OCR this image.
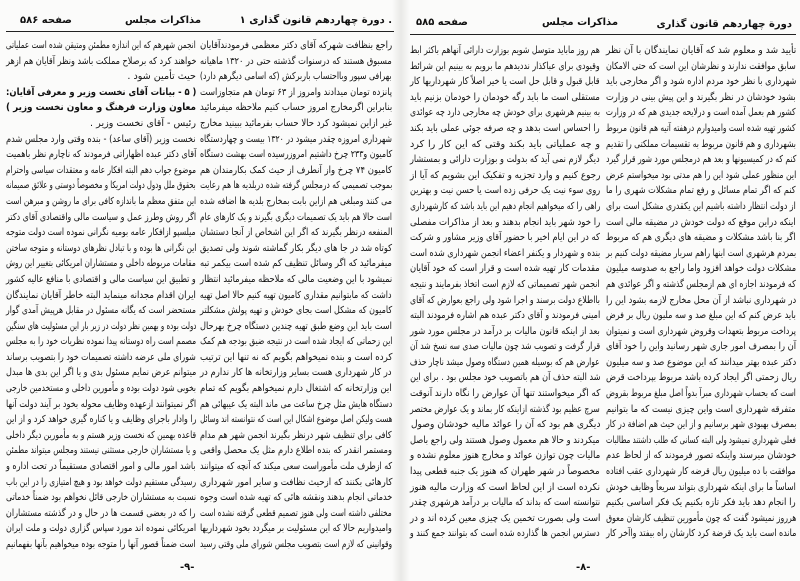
صفحه ۵۸۶	مذاکرات مجلس	. دورة چهاردهم قانون گذاری ١
راجع بنظافت شهرکه آقای دکتر معظمی فرمودندآقایان
مسبوق هستند که درسنوات گذشته حتی در ۱۳۲۰ ماهیانه
بهرافی سپور وبااحتساب باربرکش (که اسامی دیگرهم دارد)
پانزده تومان میدادند وامروز از ۶۳ تومان هم متجاوزاست
بنابراین اگرمخارج امروز حساب کنیم ملاحظه میفرمائید
غیر ازاین نمیشود کرد حالا حساب بفرمائید ببینید مخارج
شهرداری امروزه چقدر میشود در ۱۳۲۰ بیست و چهاردستگاه
کامیون و۲۳۳ چرخ داشتیم امروزرسیده است بهشت دستگاه
کامیون ۷۴ چرخ واز آنطرف از حیث کمک بکارمندان هم
بموجب تصمیمی که درمجلس گرفته شده دربلدیه ها هم رعایت
می کنند ومبلغی هم ازاین بابت بمخارج بلدیه ها اضافه شده
است حالا هم باید یک تصمیمات دیگری بگیرند و یک کارهای عام
المنفعه درنظر بگیرند که اگر این اشخاص از آنجا دستشان
کوتاه شد در جا های دیگر بکار گماشته شوند ولی تصدیق
میفرمائید که اگر وسائل تنظیف کم شده است بیکمر تبه
نمیشود با این وضعیت مالی که ملاحظه میفرمائید انتظار
داشت که مابتوانیم مقداری کامیون تهیه کنیم حالا اصل تهیه
کامیون که مشکل است بجای خودش و تهیه پولش مشکلتر
است باید این وضع طبق تهیه چندین دستگاه چرخ بهرحال
این زحماتی که ایجاد شده است در نتیجه ضیق بودجه هم کمک
کرده است و بنده نمیخواهم بگویم که نه تنها این ترتیب
در کار شهرداری هست بسایر وزارتخانه ها کار ندارم در
این وزارتخانه که اشتغال دارم نمیخواهم بگویم که تمام
دستگاه هایش مثل چرخ ساعت می ماند البته یک عیبهائی هم
هست ولیکن اصل موضوع اشکال این است که نتوانسته اند وسائل
کافی برای تنظیف شهر درنظر بگیرند انجمن شهر هم مدام
ومستمر انقدر که بنده اطلاع دارم مثل یک محصل واقعی
که ازطرف ملت مأموراست سعی میکند که آنچه که میتوانند
کارهائی بکنند که ازحیث نظافت و سایر امور شهرداری
خدماتی انجام بدهند ونقشه هائی که تهیه شده است وجوه
مختلفی داشته است ولی هنوز تصمیم قطعی گرفته نشده است
وامیدواریم حالا که این مسئولیت بر میگردد بخود شهرداریها
وقوانینی که لازم است بتصویب مجلس شورای ملی وقتی رسید
انجمن شهرهم که این اندازه مطمئن ومتیقن شده است عملیاتی
خواهند کرد که برصلاح مملکت باشد ونظر آقایان هم ازهر
حیث تأمین شود .
( ۵ - بیانات آقای نخست وزیر و معرفی آقایان:
معاون وزارت فرهنگ و معاون نخست وزیر )
رئیس - آقای نخست وزیر .
نخست وزیر (آقای ساعد) - بنده وقتی وارد مجلس شدم
آقای دکتر عبده اظهاراتی فرمودند که ناچارم نظر باهمیت
موضوع جواب دهم البته افکار عامه و معتقدات سیاسی واحترام
بحقوق ملل ودول دولت امریکا و مخصوصاً دوستی و علائق صمیمانه
این متفق معظم ما باندازه کافی برای ما روشن و مبرهن است
اگر روش وطرز عمل و سیاست مالی واقتصادی آقای دکتر
میلسپو ازافکار عامه بومیه نگرانی نموده است دولت متوجه
این نگرانی ها بوده و با تبادل نظرهای دوستانه و متوجه ساختن
مقامات مربوطه داخلی و مستشاران امریکائی بتغییر این روش
و تطبیق این سیاست مالی و اقتصادی با منافع عالیه کشور
ایران اقدام مجدانه مینماید البته خاطر آقایان نمایندگان
مستحضر است که یگانه مسئول در مقابل هرپیش آمدی گوار
دولت بوده و بهمین نظر دولت در زیر بار این مسئولیت های سنگین
مصمم است راه دوستانه پیدا نموده نظریات خود را به مجلس
شورای ملی عرضه داشته تصمیمات خود را بتصویب برساند
میتوانم عرض نمایم مسئول بدی و یا اگر این بدی ها مبدل
بخوبی شود دولت بوده و مأمورین داخلی و مستخدمین خارجی
اگر نمیتوانند ازعهده وظایف محوله بخود بر آیند دولت آنها
را وادار باجرای وظایف و یا کناره گیری خواهد کرد و از این
قاعده بهمین که نخست وزیر هستم و به مأمورین دیگر داخلی
و یا مستشاران خارجی مستثنی نیستند ومجلس میتواند مطمئن
باشد امور مالی و امور اقتصادی مستقیماً در تحت اداره و
رسیدگی مستقیم دولت خواهد بود و هیچ امتیازی را در این باب
نسبت به مستشاران خارجی قائل نخواهم بود ضمناً خدماتی
را که در بعضی قسمت ها در حال و در گذشته مستشاران
امریکائی نموده اند مورد سپاس گزاری دولت و ملت ایران
است ضمناً قصور آنها را متوجه بوده میخواهیم بآنها بفهمانیم
-۹-
صفحه ۵۸۵	مذاکرات مجلس	دورة چهاردهم قانون گذاری
تأیید شد و معلوم شد که آقایان نمایندگان با آن نظر
سابق موافقت ندارند و نظرشان این است که حتی الامکان
شهرداری با نظر خود مردم اداره شود و اگر مخارجی باید
بشود خودشان در نظر بگیرند و این پیش بینی در وزارت
کشور هم بعمل آمده است و درلایحه جدیدی هم که در وزارت
کشور تهیه شده است وامیدوارم درهفته آتیه هم قانون مربوط
بشهرداری و هم قانون مربوط به تقسیمات مملکتی را تقدیم
کنم که در کمیسیونها و بعد هم درمجلس مورد شور قرار گیرد
این منظور عملی شود این را هم مدتی بود میخواستم عرض
کنم که اگر تمام مسائل و رفع تمام مشکلات شهری را ما
از دولت انتظار داشته باشیم این یکقدری مشکل است برای
اینکه دراین موقع که دولت خودش در مضیقه مالی است
اگر بنا باشد مشکلات و مضیقه های دیگری هم که مربوط
بمردم هرشهری است اینها راهم سربار مضیقه دولت کنیم بر
مشکلات دولت خواهد افزود واما راجع به صدوسه میلیون
که فرمودند اجازه ای هم ازمجلس گذشته و اگر عوائدی هم
در شهرداری نباشد از آن محل مخارج لازمه بشود این را
باید عرض کنم که این مبلغ صد و سه ملیون ریال بر فرض
پرداخت مربوط بتعهدات وقروض شهرداری است و نمیتوان
آن را بمصرف امور جاری شهر رسانید واین را خود آقای
دکتر عبده بهتر میدانند که این موضوع صد و سه میلیون
ریال زحمتی اگر ایجاد کرده باشد مربوط بپرداخت قرض
است که بحساب شهرداری مبرآ بدواً اصل مبلغ مربوط بقروض
متفرقه شهرداری است واین چیزی نیست که ما بتوانیم
بمصرف بهبودی شهر برسانیم و از این حیث هم اضافة در کار
فعلی شهرداری نمیشود ولی البته کسانی که طلب داشتند مطالبات
خودشان میرسند واینکه تصور فرمودند که از لحاظ عدم
موافقت با ده میلیون ریال قرضه کار شهرداری عقب افتاده
اساساً ما برای اینکه شهرداری بتواند سریعاً وظایف خودش
را انجام دهد باید فکر تازه بکنیم یک فکر اساسی بکنیم
هرروز نمیشود گفت که چون مأمورین تنظیف کارشان معوق
مانده است باید یک قرضة کرد کارشان راه بیفتد واآخر کار
هم روز ماباید متوسل شویم بوزارت دارائی آنهاهم باکثر ابط
وقیودی برای عباکذار نددیدهم ما برویم به بینیم این شرائط
قابل قبول و قابل حل است یا خیر اصلاً کار شهرداریها کار
مستقلی است ما باید رگه خودمان را خودمان بزنیم باید
به بینیم هرشهری برای خودش چه مخارجی دارد چه عوائدی
را احساس است بدهد و چه صرفه جوئی عملی باید بکند
و چه عملیاتی باید بکند وقتی که این کار را کرد
دیگر لازم نمی آید که بدولت و بوزارت دارائی و بمستشار
رجوع کنیم و وارد تجزیه و تفکیک این بشویم که آیا از
روی سوء نیت یک حرفی زده است یا حسن نیت و بهترین
راهی را که میخواهیم انجام دهیم این باید باشد که کارشهرداری
را خود شهر باید انجام بدهند و بعد از مذاکرات مفصلی
که در این ایام اخیر با حضور آقای وزیر مشاور و شرکت
بنده و شهردار و یکنفر اعضاء انجمن شهرداری شده است
مقدمات کار تهیه شده است و قرار است که خود آقایان
انجمن شهر تصمیماتی که لازم است اتخاذ بفرمایند و نتیجه
بااطلاع دولت برسند و اجرا شود ولی راجع بعوارض که آقای
امینی فرمودند و آقای دکتر عبده هم اشاره فرمودند البته
بعد از اینکه قانون مالیات بر درآمد در مجلس مورد شور
قرار گرفت و تصویب شد چون مالیات صدی سه نسخ شد آن
عوارض هم که بوسیله همین دستگاه وصول میشد ناچار حذف
شد البته حذف آن هم باتصویب خود مجلس بود . برای این
که اگر میخواستند تنها آن عوارض را نگاه دارند آنوقت
سرچ عظیم بود گذشته ازاینکه کار بماند و یک عوارض مختصر
دیگری هم بود که آن را عوائد مالیه خودشان وصول
میکردند و حالا هم معمول وصول هستند ولی راجع باصل
مالیات چون توازن عوائد و مخارج هنوز معلوم نشده و
مخصوصاً در شهر طهران که هنوز یک جنبه قطعی پیدا
نکرده است از این لحاظ است که وزارت مالیه هنوز
نتوانسته است که بداند که مالیات بر درآمد هرشهری چقدر
است ولی بصورت تخمین یک چیزی معین کرده اند و در
دسترس انجمن ها گذارده شده است که بتوانند جمع کنند و
-۸-
